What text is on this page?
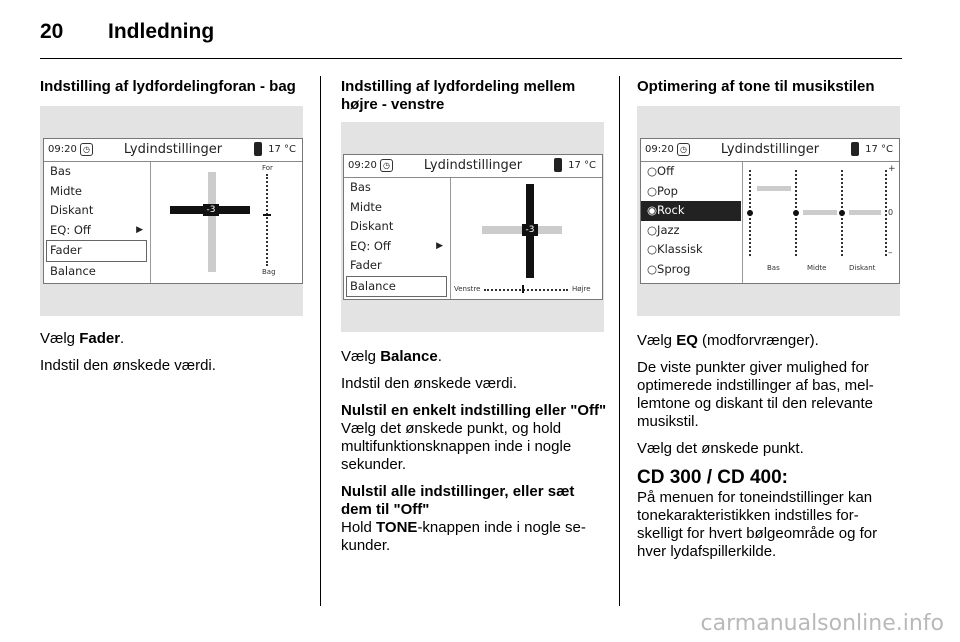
20 Indledning
Indstilling af lydfordelingforan - bag
09:20 ◷	Lydindstillinger	17 °C
Bas
Midte
Diskant
EQ: Off	▶
Fader
Balance
-3
For
Bag

Vælg Fader.

Indstil den ønskede værdi.

Indstilling af lydfordeling mellem højre - venstre
09:20 ◷	Lydindstillinger	17 °C
Bas
Midte
Diskant
EQ: Off	▶
Fader
Balance
-3
Venstre	Højre

Vælg Balance.

Indstil den ønskede værdi.

Nulstil en enkelt indstilling eller "Off"
Vælg det ønskede punkt, og hold multifunktionsknappen inde i nogle sekunder.

Nulstil alle indstillinger, eller sæt dem til "Off"
Hold TONE-knappen inde i nogle se-kunder.

Optimering af tone til musikstilen
09:20 ◷	Lydindstillinger	17 °C
○Off
○Pop
◉Rock
○Jazz
○Klassisk
○Sprog
+
0
–
Bas	Midte	Diskant

Vælg EQ (modforvrænger).

De viste punkter giver mulighed for optimerede indstillinger af bas, mel-lemtone og diskant til den relevante musikstil.

Vælg det ønskede punkt.

CD 300 / CD 400:

På menuen for toneindstillinger kan tonekarakteristikken indstilles for-skelligt for hvert bølgeområde og for hver lydafspillerkilde.

carmanualsonline.info
